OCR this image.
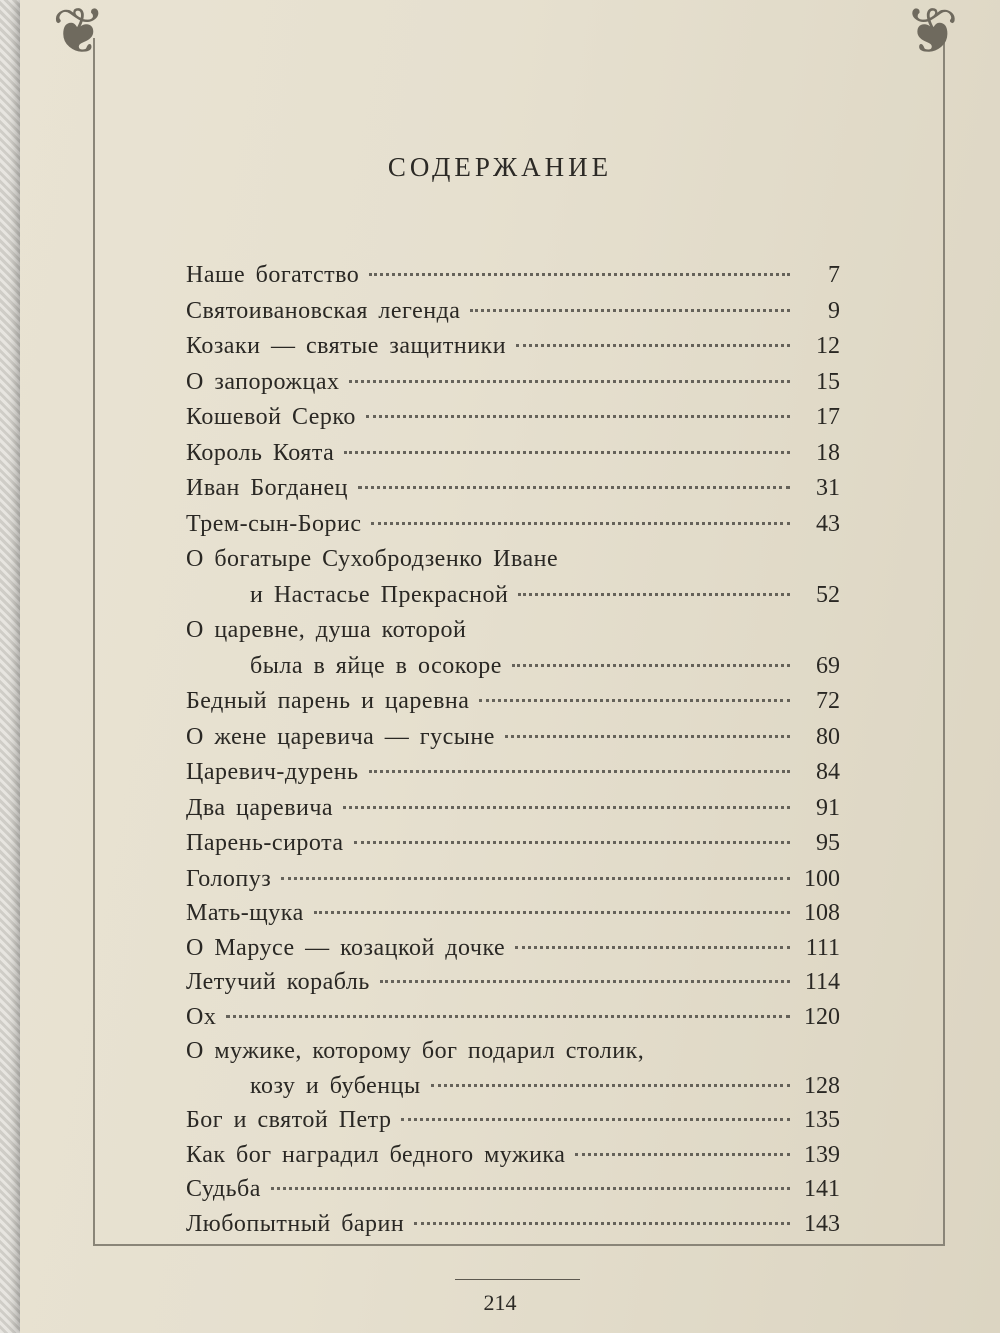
❦	❦
СОДЕРЖАНИЕ
Наше богатство	7
Святоивановская легенда	9
Козаки — святые защитники	12
О запорожцах	15
Кошевой Серко	17
Король Коята	18
Иван Богданец	31
Трем-сын-Борис	43
О богатыре Сухобродзенко Иване
и Настасье Прекрасной	52
О царевне, душа которой
была в яйце в осокоре	69
Бедный парень и царевна	72
О жене царевича — гусыне	80
Царевич-дурень	84
Два царевича	91
Парень-сирота	95
Голопуз	100
Мать-щука	108
О Марусе — козацкой дочке	111
Летучий корабль	114
Ох	120
О мужике, которому бог подарил столик,
козу и бубенцы	128
Бог и святой Петр	135
Как бог наградил бедного мужика	139
Судьба	141
Любопытный барин	143
214
